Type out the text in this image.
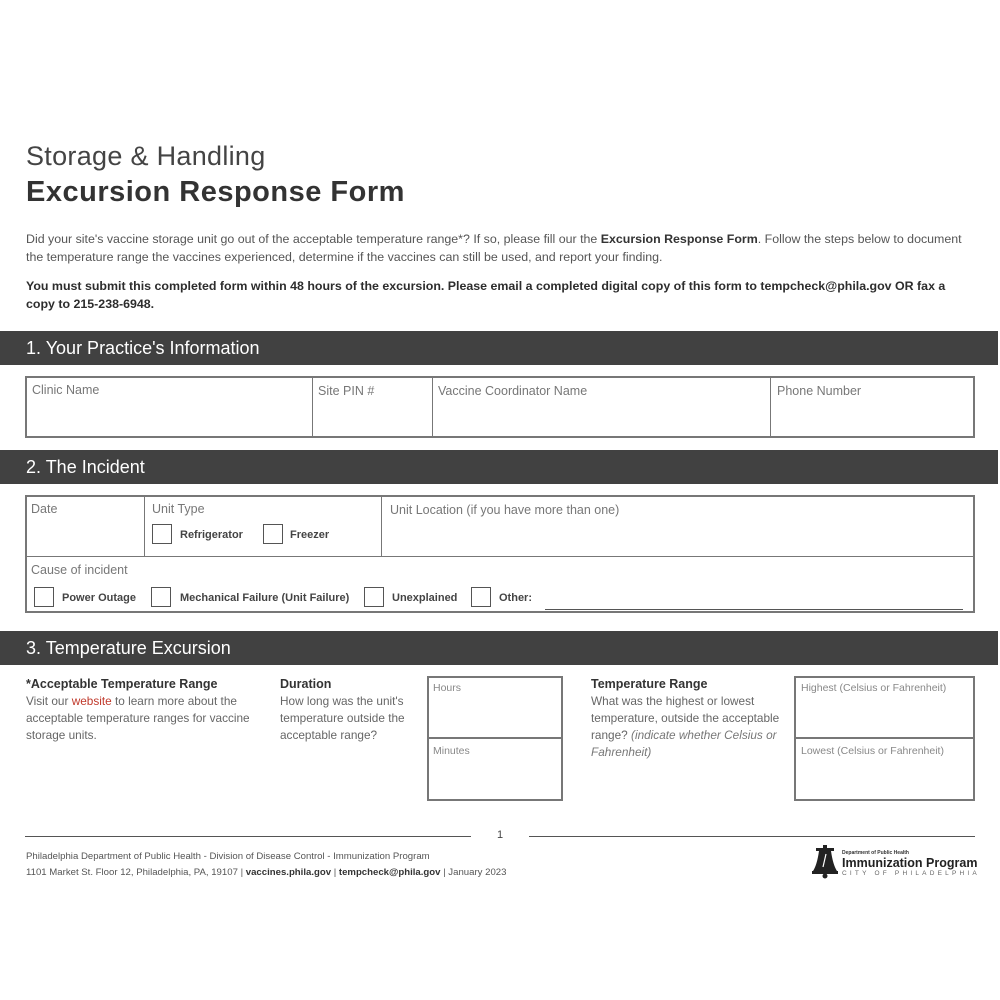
Storage & Handling
Excursion Response Form
Did your site's vaccine storage unit go out of the acceptable temperature range*? If so, please fill our the Excursion Response Form. Follow the steps below to document the temperature range the vaccines experienced, determine if the vaccines can still be used, and report your finding.
You must submit this completed form within 48 hours of the excursion. Please email a completed digital copy of this form to tempcheck@phila.gov OR fax a copy to 215-238-6948.
1. Your Practice's Information
Clinic Name	Site PIN #	Vaccine Coordinator Name	Phone Number
2. The Incident
Date	Unit Type
Refrigerator	Freezer
Unit Location (if you have more than one)
Cause of incident
Power Outage	Mechanical Failure (Unit Failure)	Unexplained	Other:
3. Temperature Excursion
*Acceptable Temperature Range
Visit our website to learn more about the acceptable temperature ranges for vaccine storage units.
Duration
How long was the unit's temperature outside the acceptable range?
Hours
Minutes
Temperature Range
What was the highest or lowest temperature, outside the acceptable range? (indicate whether Celsius or Fahrenheit)
Highest (Celsius or Fahrenheit)
Lowest (Celsius or Fahrenheit)
1
Philadelphia Department of Public Health - Division of Disease Control - Immunization Program
1101 Market St. Floor 12, Philadelphia, PA, 19107 | vaccines.phila.gov | tempcheck@phila.gov | January 2023
Department of Public Health
Immunization Program
CITY OF PHILADELPHIA
